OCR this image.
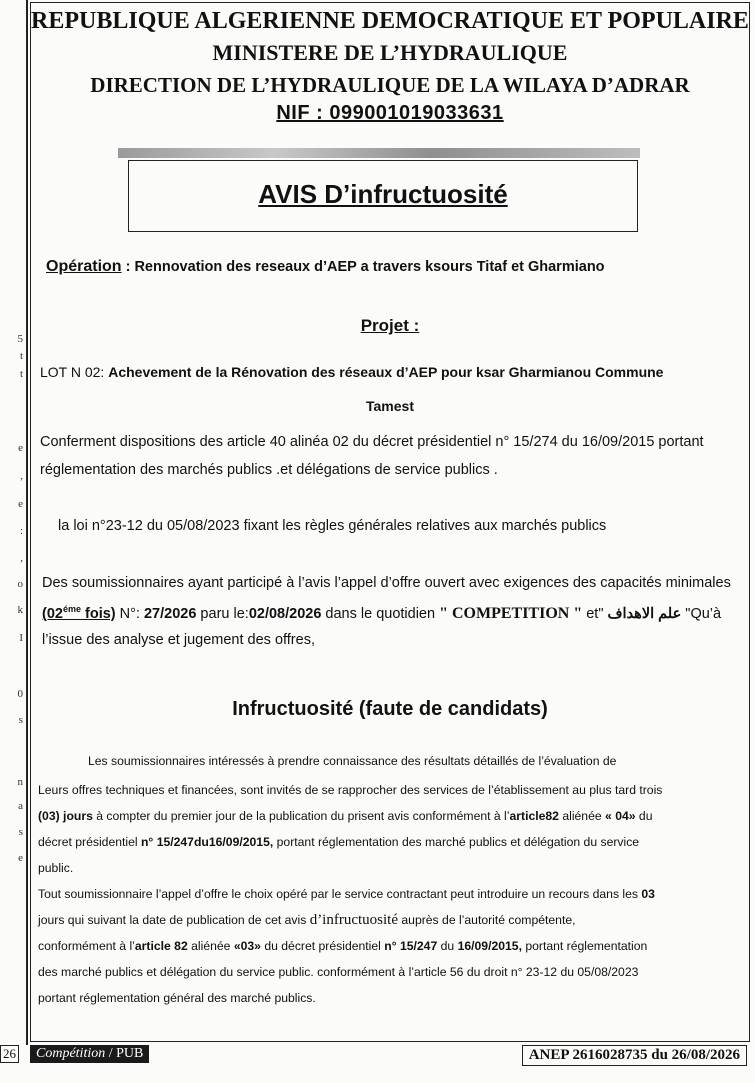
5
t
t
e
,
e
:
,
o
k
I
0
s
n
a
s
e
REPUBLIQUE ALGERIENNE DEMOCRATIQUE ET POPULAIRE
MINISTERE DE L’HYDRAULIQUE
DIRECTION DE L’HYDRAULIQUE DE LA WILAYA D’ADRAR
NIF : 099001019033631
AVIS D’infructuosité
Opération : Rennovation des reseaux d’AEP a travers ksours Titaf et Gharmiano
Projet :
LOT N 02: Achevement de la Rénovation des réseaux d’AEP pour ksar Gharmianou Commune
Tamest
Conferment dispositions des article 40 alinéa 02 du décret présidentiel n° 15/274 du 16/09/2015 portant réglementation des marchés publics .et délégations de service publics .
la loi n°23-12 du 05/08/2023 fixant les règles générales relatives aux marchés publics
Des soumissionnaires ayant participé à l’avis l’appel d’offre ouvert avec exigences des capacités minimales ($02^{éme}$ fois) N°: 27/2026 paru le:02/08/2026 dans le quotidien " COMPETITION " et" علم الاهداف "Qu’à l’issue des analyse et jugement des offres,
Infructuosité (faute de candidats)
Les soumissionnaires intéressés à prendre connaissance des résultats détaillés de l’évaluation de
Leurs offres techniques et financées, sont invités de se rapprocher des services de l’établissement au plus tard trois
(03) jours à compter du premier jour de la publication du prisent avis conformément à l’article82 aliénée « 04» du
décret présidentiel n° 15/247du16/09/2015, portant réglementation des marché publics et délégation du service
public.
Tout soumissionnaire l’appel d’offre le choix opéré par le service contractant peut introduire un recours dans les 03
jours qui suivant la date de publication de cet avis d’infructuosité auprès de l’autorité compétente,
conformément à l’article 82 aliénée «03» du décret présidentiel n° 15/247 du 16/09/2015, portant réglementation
des marché publics et délégation du service public. conformément à l’article 56 du droit n° 23-12 du 05/08/2023
portant réglementation général des marché publics.
26	Compétition / PUB	ANEP 2616028735 du 26/08/2026
